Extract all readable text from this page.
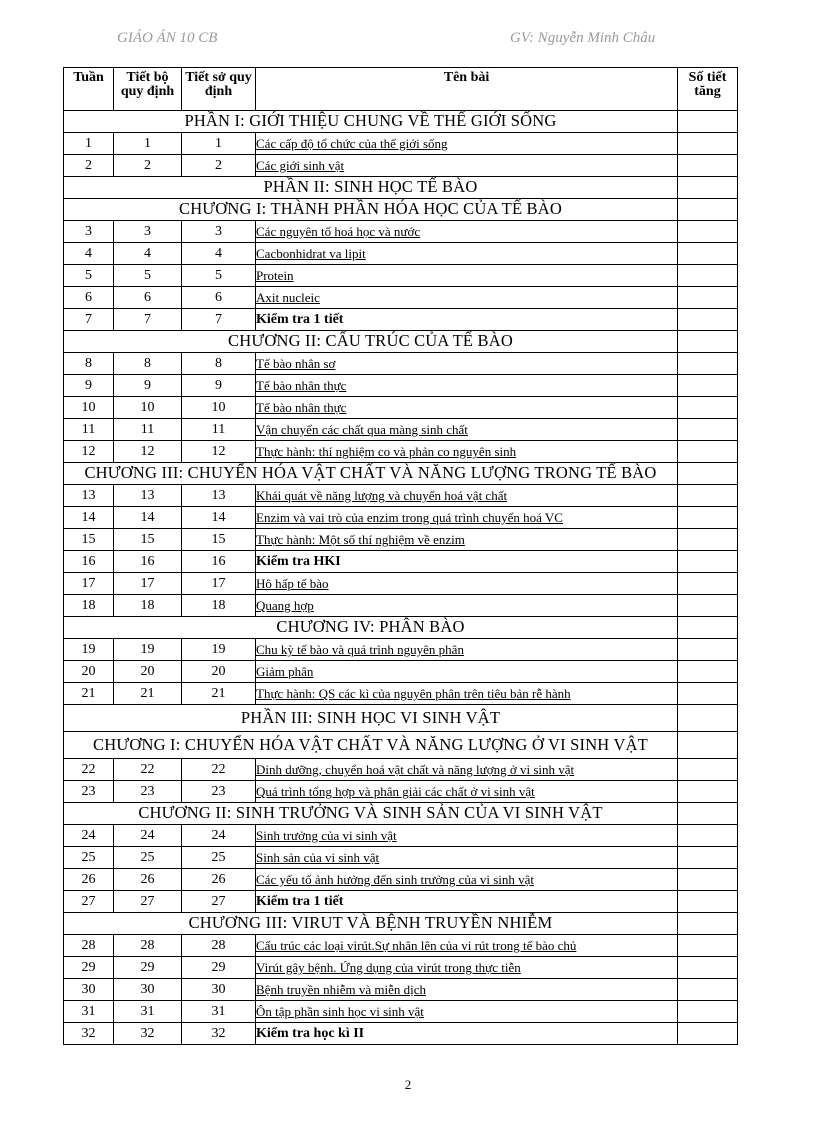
GIÁO ÁN 10 CB	GV: Nguyễn Minh Châu
Tuần	Tiết bộ quy định	Tiết sở quy định	Tên bài	Số tiết tăng
PHẦN I: GIỚI THIỆU CHUNG VỀ THẾ GIỚI SỐNG				
1	1	1	Các cấp độ tổ chức của thế giới sống	
2	2	2	Các giới sinh vật	
PHẦN II: SINH HỌC TẾ BÀO				
CHƯƠNG I: THÀNH PHẦN HÓA HỌC CỦA TẾ BÀO				
3	3	3	Các nguyên tố hoá học và nước	
4	4	4	Cacbonhidrat va lipit	
5	5	5	Protein	
6	6	6	Axit nucleic	
7	7	7	Kiểm tra 1 tiết	
CHƯƠNG II: CẤU TRÚC CỦA TẾ BÀO				
8	8	8	Tế bào nhân sơ	
9	9	9	Tế bào nhân thực	
10	10	10	Tế bào nhân thực	
11	11	11	Vận chuyển các chất qua màng sinh chất	
12	12	12	Thực hành: thí nghiệm co và phản co nguyên sinh	
CHƯƠNG III: CHUYỂN HÓA VẬT CHẤT VÀ NĂNG LƯỢNG TRONG TẾ BÀO				
13	13	13	Khái quát về năng lượng và chuyển hoá vật chất	
14	14	14	Enzim và vai trò của enzim trong quá trình chuyển hoá VC	
15	15	15	Thực hành: Một số thí nghiệm về enzim	
16	16	16	Kiểm tra HKI	
17	17	17	Hô hấp tế bào	
18	18	18	Quang hợp	
CHƯƠNG IV: PHÂN BÀO				
19	19	19	Chu kỳ tế bào và quá trình nguyên phân	
20	20	20	Giảm phân	
21	21	21	Thực hành: QS các kì của nguyên phân trên tiêu bản rễ hành	
PHẦN III: SINH HỌC VI SINH VẬT				
CHƯƠNG I: CHUYỂN HÓA VẬT CHẤT VÀ NĂNG LƯỢNG Ở VI SINH VẬT				
22	22	22	Dinh dưỡng, chuyển hoá vật chất và năng lượng ở vi sinh vật	
23	23	23	Quá trình tổng hợp và phân giải các chất ở vi sinh vật	
CHƯƠNG II: SINH TRƯỞNG VÀ SINH SẢN CỦA VI SINH VẬT				
24	24	24	Sinh trưởng của vi sinh vật	
25	25	25	Sinh sản của vi sinh vật	
26	26	26	Các yếu tố ảnh hưởng đến sinh trưởng của vi sinh vật	
27	27	27	Kiểm tra 1 tiết	
CHƯƠNG III: VIRUT VÀ BỆNH TRUYỀN NHIỄM				
28	28	28	Cấu trúc các loại virút.Sự nhân lên của vi rút trong tế bào chủ	
29	29	29	Virút gây bệnh. Ứng dụng của virút trong thực tiễn	
30	30	30	Bệnh truyền nhiễm và miễn dịch	
31	31	31	Ôn tập phần sinh học vi sinh vật	
32	32	32	Kiểm tra học kì II	
2
